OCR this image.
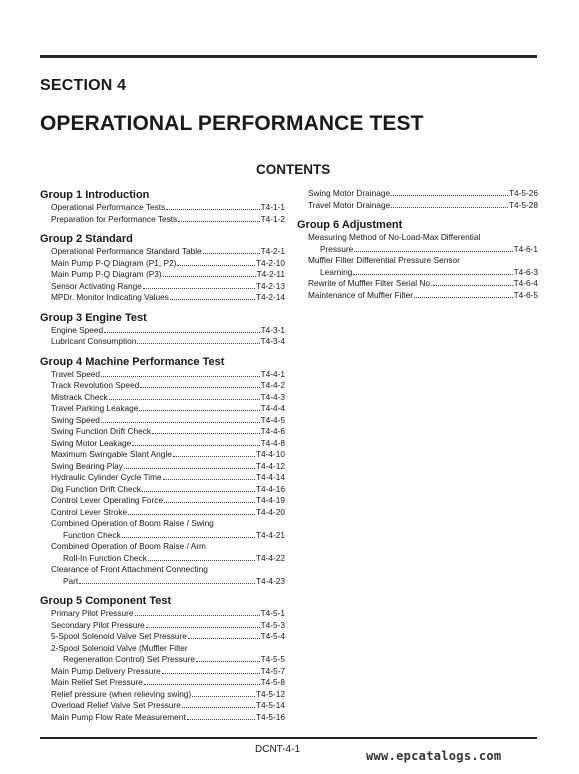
SECTION 4
OPERATIONAL PERFORMANCE TEST
CONTENTS
Group 1 Introduction
Operational Performance Tests	T4-1-1
Preparation for Performance Tests	T4-1-2
Group 2 Standard
Operational Performance Standard Table	T4-2-1
Main Pump P-Q Diagram (P1, P2)	T4-2-10
Main Pump P-Q Diagram (P3)	T4-2-11
Sensor Activating Range	T4-2-13
MPDr. Monitor Indicating Values	T4-2-14
Group 3 Engine Test
Engine Speed	T4-3-1
Lubricant Consumption	T4-3-4
Group 4 Machine Performance Test
Travel Speed	T4-4-1
Track Revolution Speed	T4-4-2
Mistrack Check	T4-4-3
Travel Parking Leakage	T4-4-4
Swing Speed	T4-4-5
Swing Function Drift Check	T4-4-6
Swing Motor Leakage	T4-4-8
Maximum Swingable Slant Angle	T4-4-10
Swing Bearing Play	T4-4-12
Hydraulic Cylinder Cycle Time	T4-4-14
Dig Function Drift Check	T4-4-16
Control Lever Operating Force	T4-4-19
Control Lever Stroke	T4-4-20
Combined Operation of Boom Raise / Swing
Function Check	T4-4-21
Combined Operation of Boom Raise / Arm
Roll-In Function Check	T4-4-22
Clearance of Front Attachment Connecting
Part	T4-4-23
Group 5 Component Test
Primary Pilot Pressure	T4-5-1
Secondary Pilot Pressure	T4-5-3
5-Spool Solenoid Valve Set Pressure	T4-5-4
2-Spool Solenoid Valve (Muffler Filter
Regeneration Control) Set Pressure	T4-5-5
Main Pump Delivery Pressure	T4-5-7
Main Relief Set Pressure	T4-5-8
Relief pressure (when relieving swing)	T4-5-12
Overload Relief Valve Set Pressure	T4-5-14
Main Pump Flow Rate Measurement	T4-5-16
Swing Motor Drainage	T4-5-26
Travel Motor Drainage	T4-5-28
Group 6 Adjustment
Measuring Method of No-Load-Max Differential
Pressure	T4-6-1
Muffler Filter Differential Pressure Sensor
Learning	T4-6-3
Rewrite of Muffler Filter Serial No.	T4-6-4
Maintenance of Muffler Filter	T4-6-5

DCNT-4-1	www.epcatalogs.com
